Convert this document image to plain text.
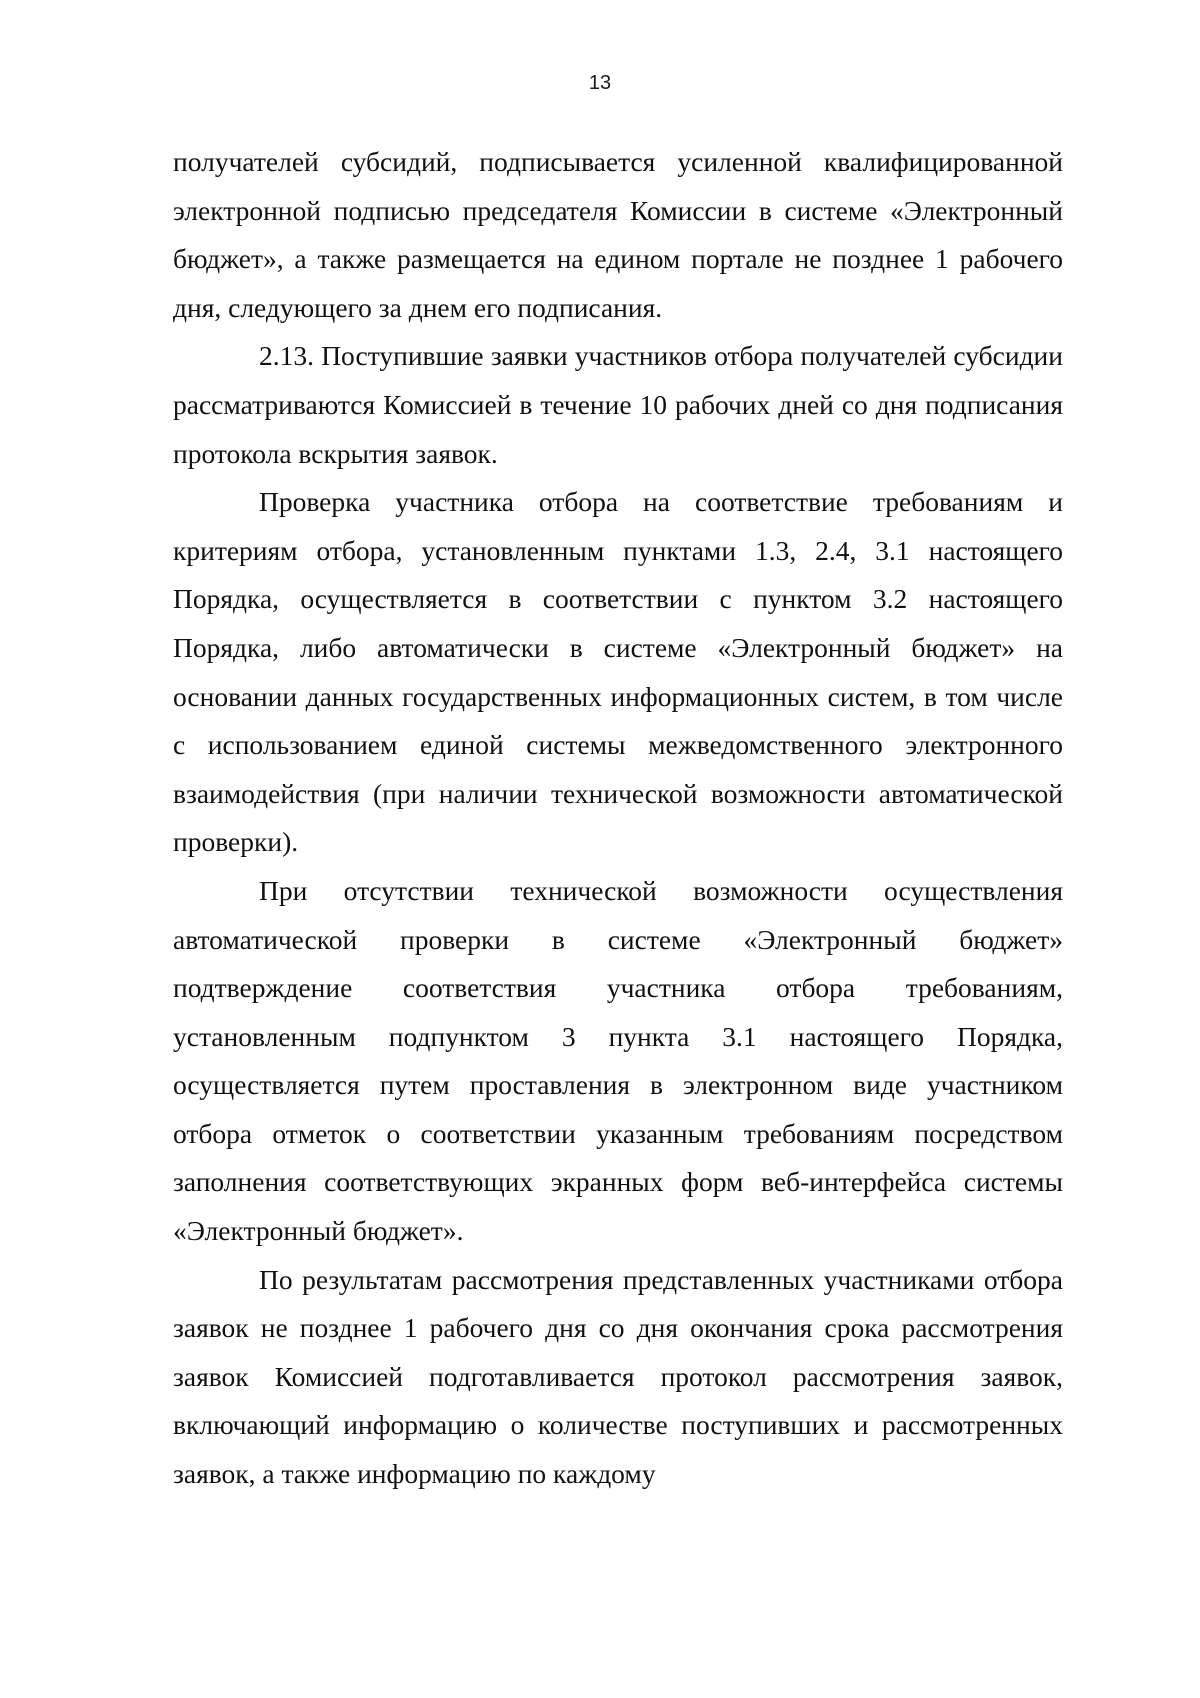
13

получателей субсидий, подписывается усиленной квалифицированной электронной подписью председателя Комиссии в системе «Электронный бюджет», а также размещается на едином портале не позднее 1 рабочего дня, следующего за днем его подписания.

2.13. Поступившие заявки участников отбора получателей субсидии рассматриваются Комиссией в течение 10 рабочих дней со дня подписания протокола вскрытия заявок.

Проверка участника отбора на соответствие требованиям и критериям отбора, установленным пунктами 1.3, 2.4, 3.1 настоящего Порядка, осуществляется в соответствии с пунктом 3.2 настоящего Порядка, либо автоматически в системе «Электронный бюджет» на основании данных государственных информационных систем, в том числе с использованием единой системы межведомственного электронного взаимодействия (при наличии технической возможности автоматической проверки).

При отсутствии технической возможности осуществления автоматической проверки в системе «Электронный бюджет» подтверждение соответствия участника отбора требованиям, установленным подпунктом 3 пункта 3.1 настоящего Порядка, осуществляется путем проставления в электронном виде участником отбора отметок о соответствии указанным требованиям посредством заполнения соответствующих экранных форм веб-интерфейса системы «Электронный бюджет».

По результатам рассмотрения представленных участниками отбора заявок не позднее 1 рабочего дня со дня окончания срока рассмотрения заявок Комиссией подготавливается протокол рассмотрения заявок, включающий информацию о количестве поступивших и рассмотренных заявок, а также информацию по каждому
